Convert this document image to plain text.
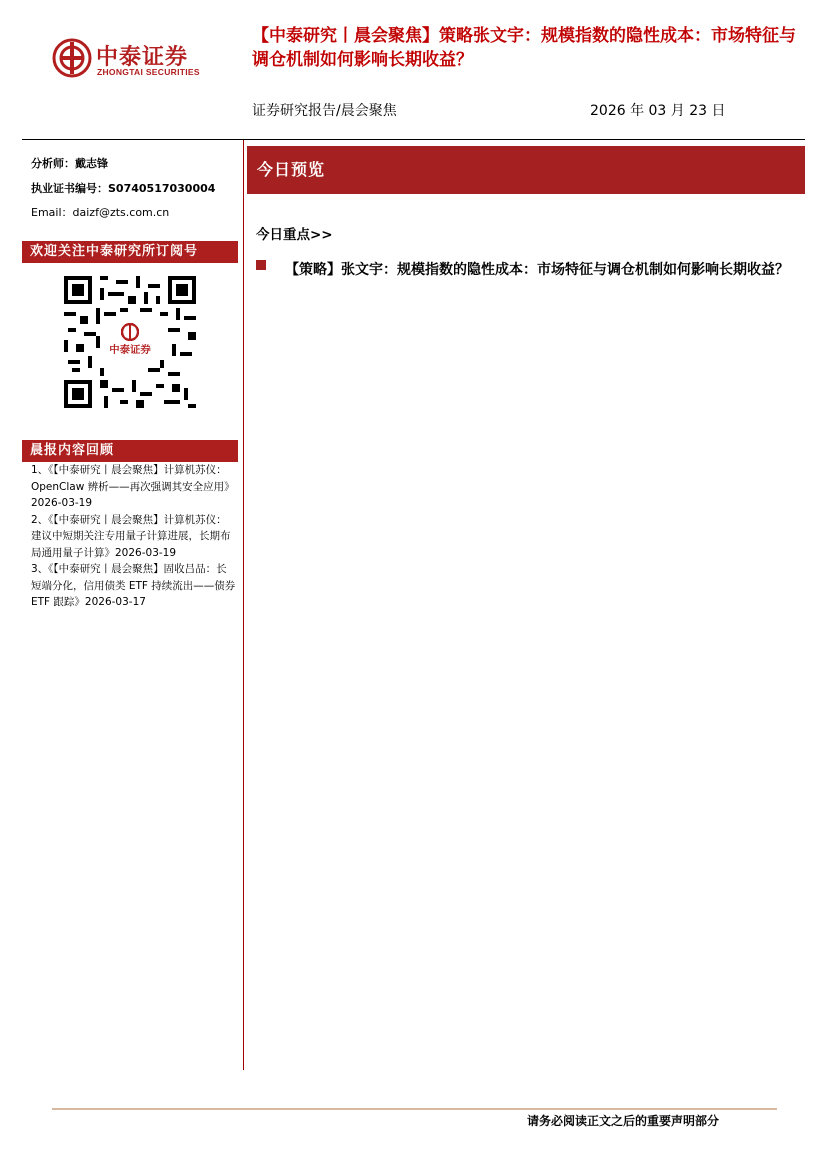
中泰证券
ZHONGTAI SECURITIES
【中泰研究丨晨会聚焦】策略张文宇：规模指数的隐性成本：市场特征与调仓机制如何影响长期收益？
证券研究报告/晨会聚焦	2026 年 03 月 23 日
分析师：戴志锋
执业证书编号：S0740517030004
Email：daizf@zts.com.cn
欢迎关注中泰研究所订阅号
中泰证券
晨报内容回顾
1、《【中泰研究丨晨会聚焦】计算机苏仪：OpenClaw 辨析——再次强调其安全应用》2026-03-19
2、《【中泰研究丨晨会聚焦】计算机苏仪：建议中短期关注专用量子计算进展，长期布局通用量子计算》2026-03-19
3、《【中泰研究丨晨会聚焦】固收吕品：长短端分化，信用债类 ETF 持续流出——债券 ETF 跟踪》2026-03-17
今日预览
今日重点>>
【策略】张文宇：规模指数的隐性成本：市场特征与调仓机制如何影响长期收益？
请务必阅读正文之后的重要声明部分
